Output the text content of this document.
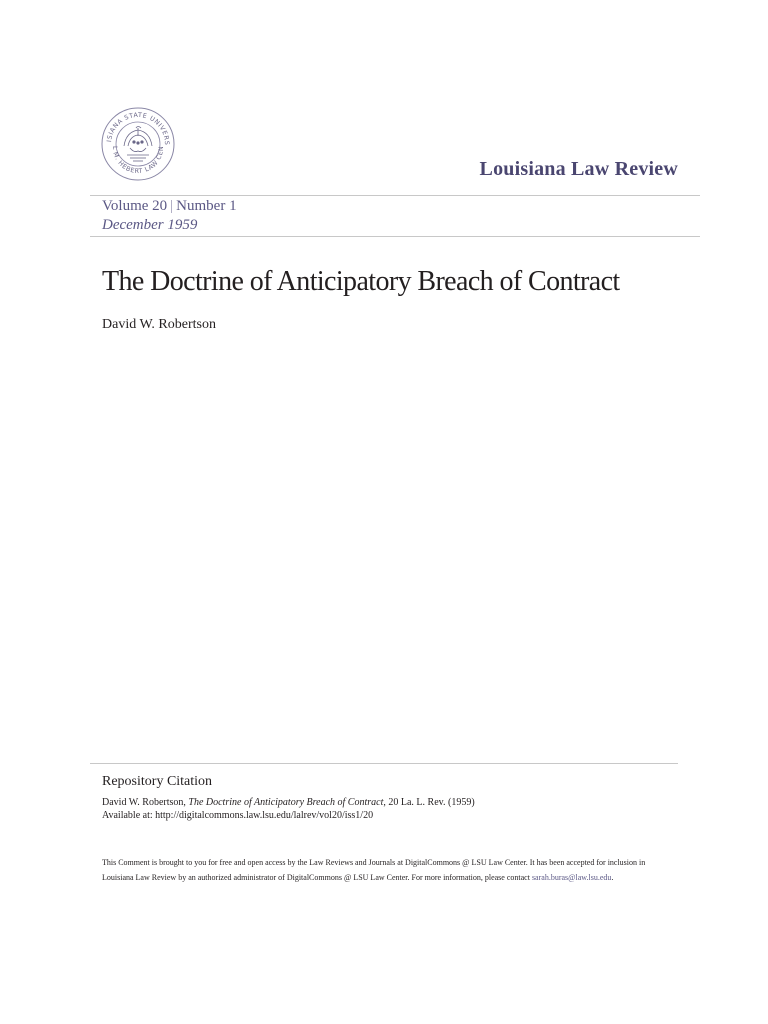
ISIANA STATE UNIVERS
L M. HEBERT LAW CEN
Louisiana Law Review
Volume 20 | Number 1
December 1959
The Doctrine of Anticipatory Breach of Contract
David W. Robertson
Repository Citation
David W. Robertson, The Doctrine of Anticipatory Breach of Contract, 20 La. L. Rev. (1959)
Available at: http://digitalcommons.law.lsu.edu/lalrev/vol20/iss1/20
This Comment is brought to you for free and open access by the Law Reviews and Journals at DigitalCommons @ LSU Law Center. It has been accepted for inclusion in Louisiana Law Review by an authorized administrator of DigitalCommons @ LSU Law Center. For more information, please contact sarah.buras@law.lsu.edu.
